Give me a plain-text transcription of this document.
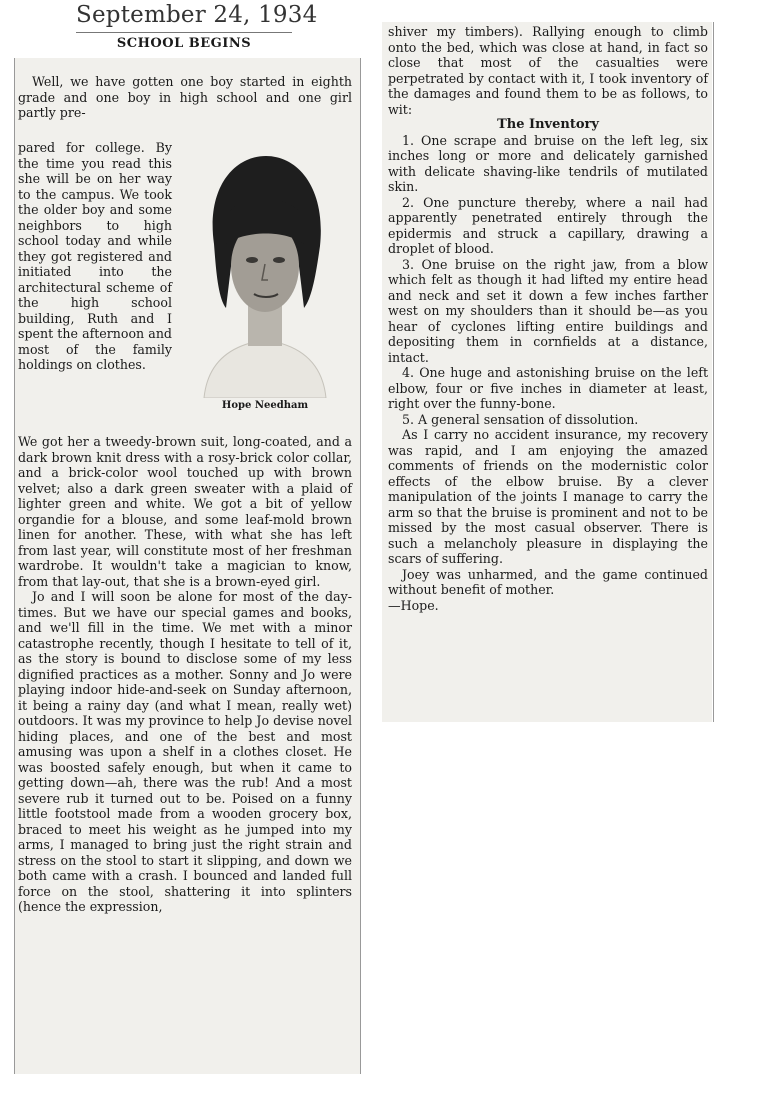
September 24, 1934
SCHOOL BEGINS

Well, we have gotten one boy started in eighth grade and one boy in high school and one girl partly pre-

pared for college. By the time you read this she will be on her way to the campus. We took the older boy and some neighbors to high school today and while they got registered and initiated into the architectural scheme of the high school building, Ruth and I spent the afternoon and most of the family holdings on clothes.

Hope Needham

We got her a tweedy-brown suit, long-coated, and a dark brown knit dress with a rosy-brick color collar, and a brick-color wool touched up with brown velvet; also a dark green sweater with a plaid of lighter green and white. We got a bit of yellow organdie for a blouse, and some leaf-mold brown linen for another. These, with what she has left from last year, will constitute most of her freshman wardrobe. It wouldn't take a magician to know, from that lay-out, that she is a brown-eyed girl.

Jo and I will soon be alone for most of the day-times. But we have our special games and books, and we'll fill in the time. We met with a minor catastrophe recently, though I hesitate to tell of it, as the story is bound to disclose some of my less dignified practices as a mother. Sonny and Jo were playing indoor hide-and-seek on Sunday afternoon, it being a rainy day (and what I mean, really wet) outdoors. It was my province to help Jo devise novel hiding places, and one of the best and most amusing was upon a shelf in a clothes closet. He was boosted safely enough, but when it came to getting down—ah, there was the rub! And a most severe rub it turned out to be. Poised on a funny little footstool made from a wooden grocery box, braced to meet his weight as he jumped into my arms, I managed to bring just the right strain and stress on the stool to start it slipping, and down we both came with a crash. I bounced and landed full force on the stool, shattering it into splinters (hence the expression,

shiver my timbers). Rallying enough to climb onto the bed, which was close at hand, in fact so close that most of the casualties were perpetrated by contact with it, I took inventory of the damages and found them to be as follows, to wit:

The Inventory

1. One scrape and bruise on the left leg, six inches long or more and delicately garnished with delicate shaving-like tendrils of mutilated skin.

2. One puncture thereby, where a nail had apparently penetrated entirely through the epidermis and struck a capillary, drawing a droplet of blood.

3. One bruise on the right jaw, from a blow which felt as though it had lifted my entire head and neck and set it down a few inches farther west on my shoulders than it should be—as you hear of cyclones lifting entire buildings and depositing them in cornfields at a distance, intact.

4. One huge and astonishing bruise on the left elbow, four or five inches in diameter at least, right over the funny-bone.

5. A general sensation of dissolution.

As I carry no accident insurance, my recovery was rapid, and I am enjoying the amazed comments of friends on the modernistic color effects of the elbow bruise. By a clever manipulation of the joints I manage to carry the arm so that the bruise is prominent and not to be missed by the most casual observer. There is such a melancholy pleasure in displaying the scars of suffering.

Joey was unharmed, and the game continued without benefit of mother.

—Hope.
